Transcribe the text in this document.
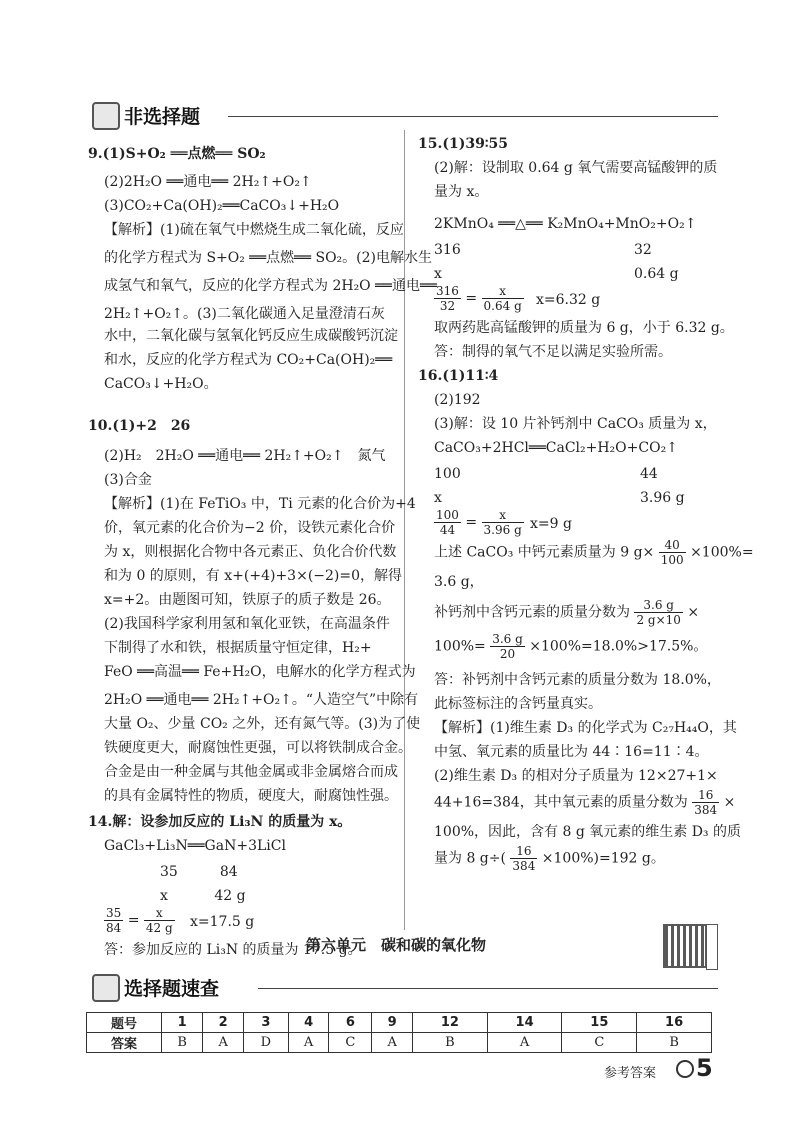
非选择题
9.(1)S+O₂ ══点燃══ SO₂
(2)2H₂O ══通电══ 2H₂↑+O₂↑
(3)CO₂+Ca(OH)₂══CaCO₃↓+H₂O
【解析】(1)硫在氧气中燃烧生成二氧化硫，反应
的化学方程式为 S+O₂ ══点燃══ SO₂。(2)电解水生
成氢气和氧气，反应的化学方程式为 2H₂O ══通电══
2H₂↑+O₂↑。(3)二氧化碳通入足量澄清石灰
水中，二氧化碳与氢氧化钙反应生成碳酸钙沉淀
和水，反应的化学方程式为 CO₂+Ca(OH)₂══
CaCO₃↓+H₂O。
10.(1)+2　26
(2)H₂　2H₂O ══通电══ 2H₂↑+O₂↑　氮气
(3)合金
【解析】(1)在 FeTiO₃ 中，Ti 元素的化合价为+4
价，氧元素的化合价为−2 价，设铁元素化合价
为 x，则根据化合物中各元素正、负化合价代数
和为 0 的原则，有 x+(+4)+3×(−2)=0，解得
x=+2。由题图可知，铁原子的质子数是 26。
(2)我国科学家利用氢和氧化亚铁，在高温条件
下制得了水和铁，根据质量守恒定律，H₂+
FeO ══高温══ Fe+H₂O，电解水的化学方程式为
2H₂O ══通电══ 2H₂↑+O₂↑。“人造空气”中除有
大量 O₂、少量 CO₂ 之外，还有氮气等。(3)为了使
铁硬度更大，耐腐蚀性更强，可以将铁制成合金。
合金是由一种金属与其他金属或非金属熔合而成
的具有金属特性的物质，硬度大，耐腐蚀性强。
14.解：设参加反应的 Li₃N 的质量为 x。
GaCl₃+Li₃N══GaN+3LiCl
35　　　84
x　　　 42 g
$\frac{35}{84} = \frac{x}{42 g} x=17.5$ g
答：参加反应的 Li₃N 的质量为 17.5 g。
15.(1)39∶55
(2)解：设制取 0.64 g 氧气需要高锰酸钾的质
量为 x。
2KMnO₄ ══△══ K₂MnO₄+MnO₂+O₂↑
316	32
x	0.64 g
$\frac{316}{32} = \frac{x}{0.64 g} x=6.32$ g
取两药匙高锰酸钾的质量为 6 g，小于 6.32 g。
答：制得的氧气不足以满足实验所需。
16.(1)11∶4
(2)192
(3)解：设 10 片补钙剂中 CaCO₃ 质量为 x，
CaCO₃+2HCl══CaCl₂+H₂O+CO₂↑
100	44
x	3.96 g
$\frac{100}{44} = \frac{x}{3.96 g} x=9$ g
上述 CaCO₃ 中钙元素质量为 9 $g\times \frac{40}{100} \times 100\%=$
3.6 g，
补钙剂中含钙元素的质量分数为 $\frac{3.6 g}{2 g\times 10}$ ×
$100\%= \frac{3.6 g}{20} \times 100\%=18.0\%>17.5\%$。
答：补钙剂中含钙元素的质量分数为 18.0%，
此标签标注的含钙量真实。
【解析】(1)维生素 D₃ 的化学式为 C₂₇H₄₄O，其
中氢、氧元素的质量比为 44∶16=11∶4。
(2)维生素 D₃ 的相对分子质量为 12×27+1×
44+16=384，其中氧元素的质量分数为 $\frac{16}{384}$ ×
100%，因此，含有 8 g 氧元素的维生素 D₃ 的质
量为 8 $g\div( \frac{16}{384} \times 100\%)=192$ g。
第六单元　碳和碳的氧化物
选择题速查
题号	1	2	3	4	6	9	12	14	15	16
答案	B	A	D	A	C	A	B	A	C	B
参考答案 5
